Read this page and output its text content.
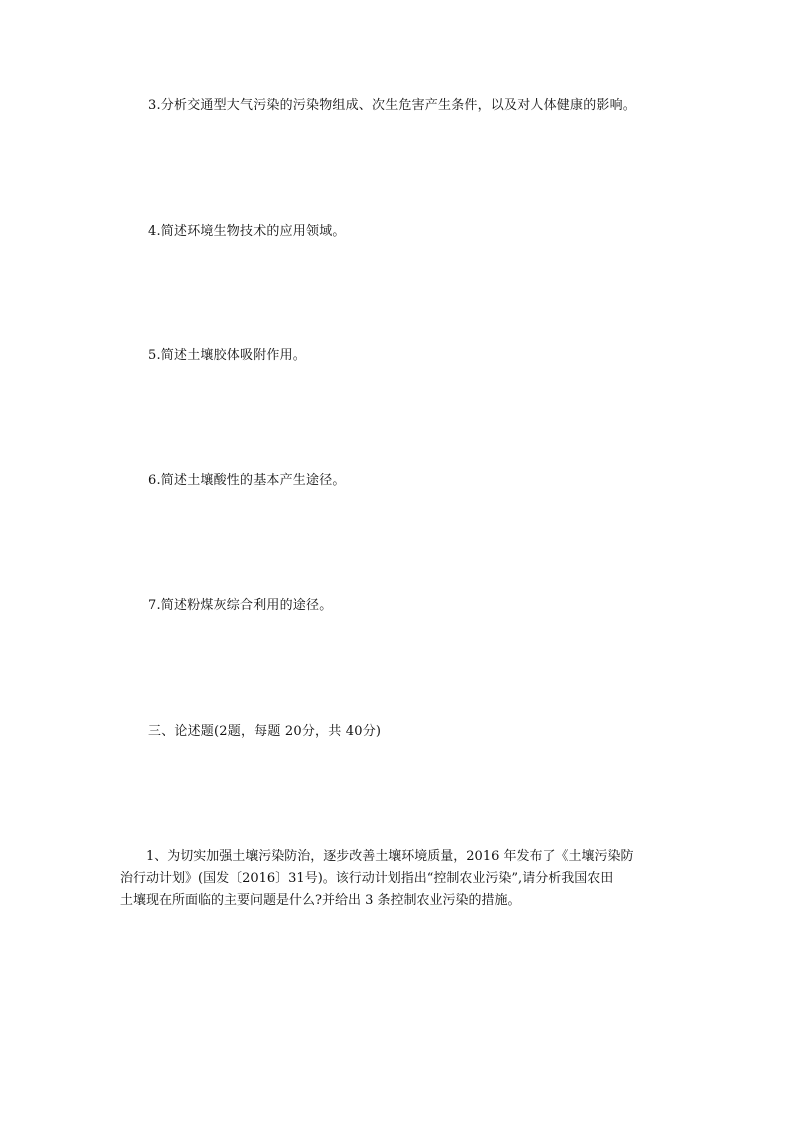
3.分析交通型大气污染的污染物组成、次生危害产生条件，以及对人体健康的影响。
4.简述环境生物技术的应用领域。
5.简述土壤胶体吸附作用。
6.简述土壤酸性的基本产生途径。
7.简述粉煤灰综合利用的途径。
三、论述题(2题，每题 20分，共 40分)
1、为切实加强土壤污染防治，逐步改善土壤环境质量，2016 年发布了《土壤污染防
治行动计划》(国发〔2016〕31号)。该行动计划指出“控制农业污染”,请分析我国农田
土壤现在所面临的主要问题是什么?并给出 3 条控制农业污染的措施。
